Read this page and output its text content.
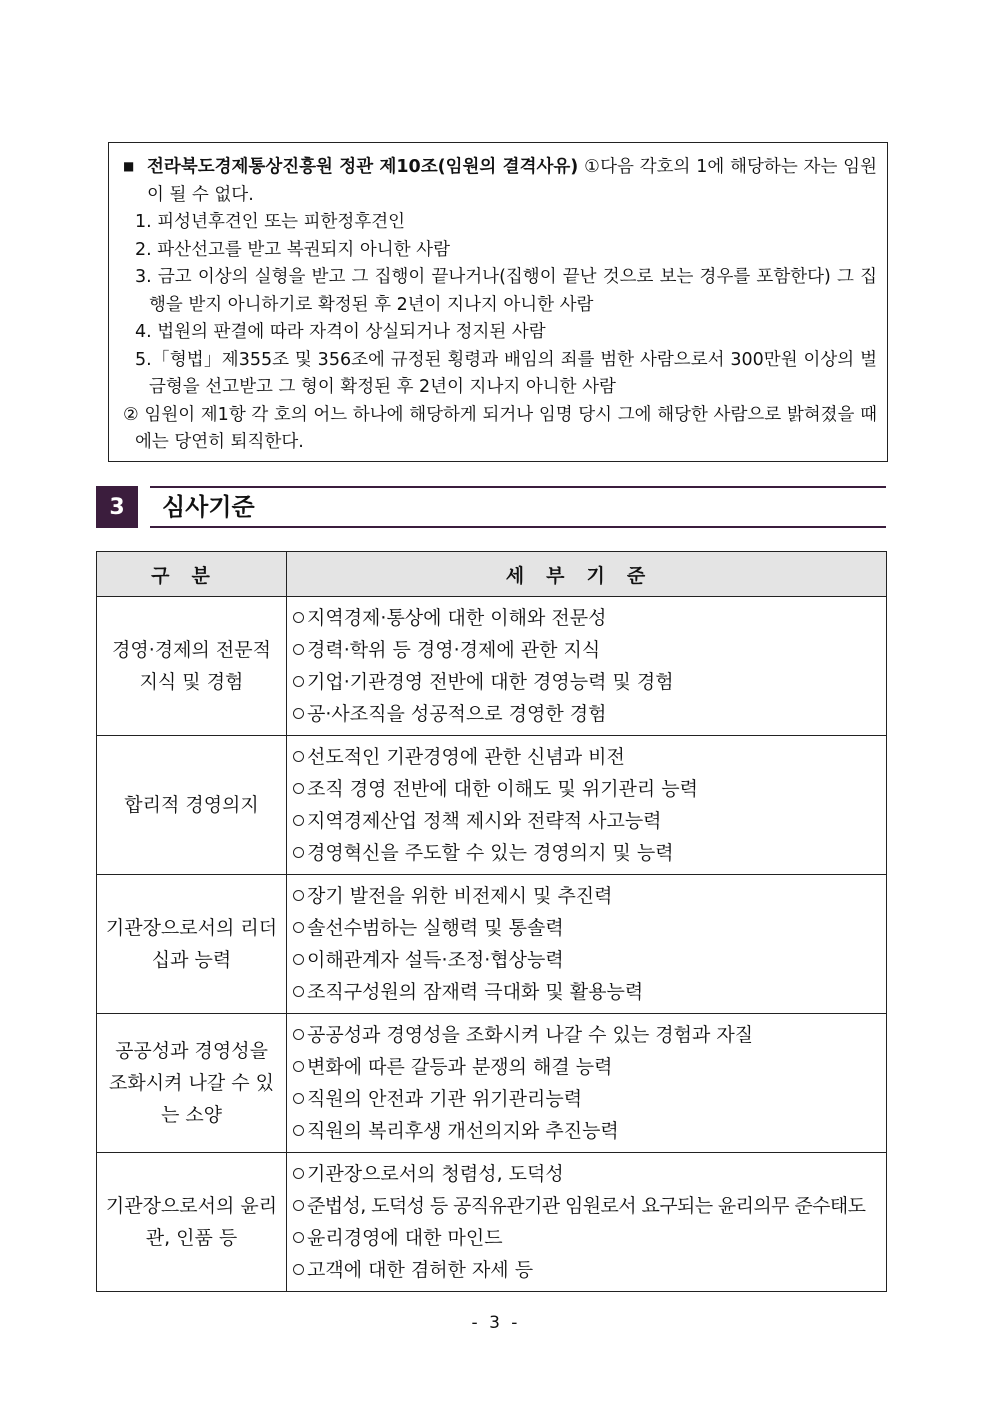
■ 전라북도경제통상진흥원 정관 제10조(임원의 결격사유) ①다음 각호의 1에 해당하는 자는 임원이 될 수 없다.

1. 피성년후견인 또는 피한정후견인

2. 파산선고를 받고 복권되지 아니한 사람

3. 금고 이상의 실형을 받고 그 집행이 끝나거나(집행이 끝난 것으로 보는 경우를 포함한다) 그 집행을 받지 아니하기로 확정된 후 2년이 지나지 아니한 사람

4. 법원의 판결에 따라 자격이 상실되거나 정지된 사람

5.「형법」제355조 및 356조에 규정된 횡령과 배임의 죄를 범한 사람으로서 300만원 이상의 벌금형을 선고받고 그 형이 확정된 후 2년이 지나지 아니한 사람

② 임원이 제1항 각 호의 어느 하나에 해당하게 되거나 임명 당시 그에 해당한 사람으로 밝혀졌을 때에는 당연히 퇴직한다.

3	심사기준
구분	세부기준
경영·경제의 전문적 지식 및 경험	지역경제·통상에 대한 이해와 전문성
경력·학위 등 경영·경제에 관한 지식
기업·기관경영 전반에 대한 경영능력 및 경험
공·사조직을 성공적으로 경영한 경험

합리적 경영의지	선도적인 기관경영에 관한 신념과 비전
조직 경영 전반에 대한 이해도 및 위기관리 능력
지역경제산업 정책 제시와 전략적 사고능력
경영혁신을 주도할 수 있는 경영의지 및 능력

기관장으로서의 리더십과 능력	장기 발전을 위한 비전제시 및 추진력
솔선수범하는 실행력 및 통솔력
이해관계자 설득·조정·협상능력
조직구성원의 잠재력 극대화 및 활용능력

공공성과 경영성을 조화시켜 나갈 수 있는 소양	공공성과 경영성을 조화시켜 나갈 수 있는 경험과 자질
변화에 따른 갈등과 분쟁의 해결 능력
직원의 안전과 기관 위기관리능력
직원의 복리후생 개선의지와 추진능력

기관장으로서의 윤리관, 인품 등	기관장으로서의 청렴성, 도덕성
준법성, 도덕성 등 공직유관기관 임원로서 요구되는 윤리의무 준수태도
윤리경영에 대한 마인드
고객에 대한 겸허한 자세 등
- 3 -
